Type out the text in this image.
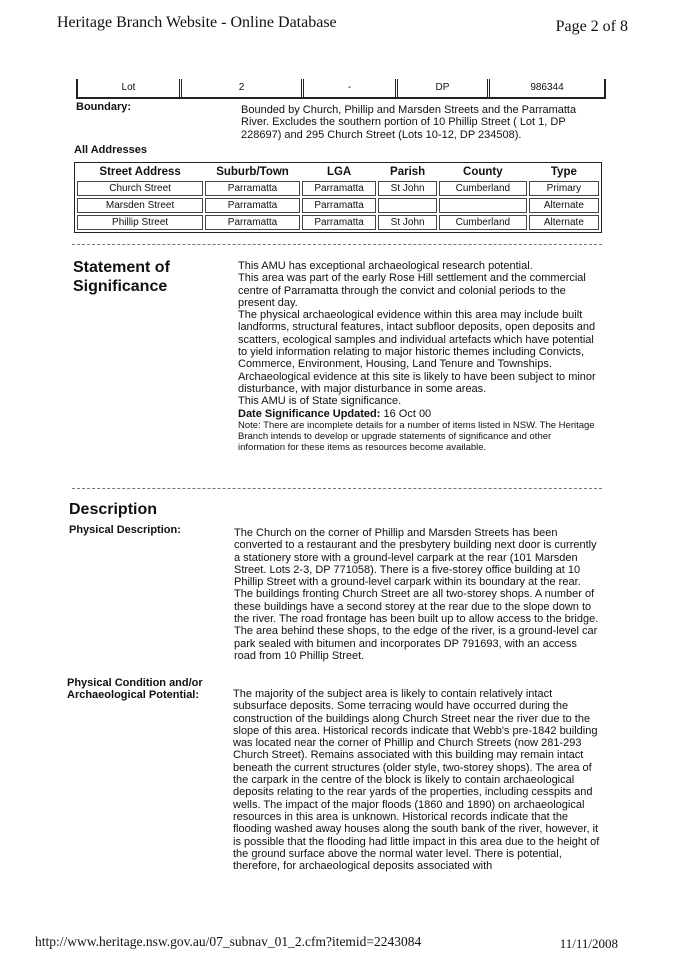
Heritage Branch Website - Online Database	Page 2 of 8
Lot	2	-	DP	986344
Boundary:	Bounded by Church, Phillip and Marsden Streets and the Parramatta River. Excludes the southern portion of 10 Phillip Street ( Lot 1, DP 228697) and 295 Church Street (Lots 10-12, DP 234508).
All Addresses
Street Address	Suburb/Town	LGA	Parish	County	Type
Church Street	Parramatta	Parramatta	St John	Cumberland	Primary
Marsden Street	Parramatta	Parramatta			Alternate
Phillip Street	Parramatta	Parramatta	St John	Cumberland	Alternate
Statement of Significance
This AMU has exceptional archaeological research potential.
This area was part of the early Rose Hill settlement and the commercial centre of Parramatta through the convict and colonial periods to the present day.
The physical archaeological evidence within this area may include built landforms, structural features, intact subfloor deposits, open deposits and scatters, ecological samples and individual artefacts which have potential to yield information relating to major historic themes including Convicts, Commerce, Environment, Housing, Land Tenure and Townships.
Archaeological evidence at this site is likely to have been subject to minor disturbance, with major disturbance in some areas.
This AMU is of State significance.
Date Significance Updated: 16 Oct 00
Note: There are incomplete details for a number of items listed in NSW. The Heritage Branch intends to develop or upgrade statements of significance and other information for these items as resources become available.
Description
Physical Description:	The Church on the corner of Phillip and Marsden Streets has been converted to a restaurant and the presbytery building next door is currently a stationery store with a ground-level carpark at the rear (101 Marsden Street. Lots 2-3, DP 771058). There is a five-storey office building at 10 Phillip Street with a ground-level carpark within its boundary at the rear. The buildings fronting Church Street are all two-storey shops. A number of these buildings have a second storey at the rear due to the slope down to the river. The road frontage has been built up to allow access to the bridge. The area behind these shops, to the edge of the river, is a ground-level car park sealed with bitumen and incorporates DP 791693, with an access road from 10 Phillip Street.
Physical Condition and/or Archaeological Potential:	The majority of the subject area is likely to contain relatively intact subsurface deposits. Some terracing would have occurred during the construction of the buildings along Church Street near the river due to the slope of this area. Historical records indicate that Webb's pre-1842 building was located near the corner of Phillip and Church Streets (now 281-293 Church Street). Remains associated with this building may remain intact beneath the current structures (older style, two-storey shops). The area of the carpark in the centre of the block is likely to contain archaeological deposits relating to the rear yards of the properties, including cesspits and wells. The impact of the major floods (1860 and 1890) on archaeological resources in this area is unknown. Historical records indicate that the flooding washed away houses along the south bank of the river, however, it is possible that the flooding had little impact in this area due to the height of the ground surface above the normal water level. There is potential, therefore, for archaeological deposits associated with
http://www.heritage.nsw.gov.au/07_subnav_01_2.cfm?itemid=2243084	11/11/2008
